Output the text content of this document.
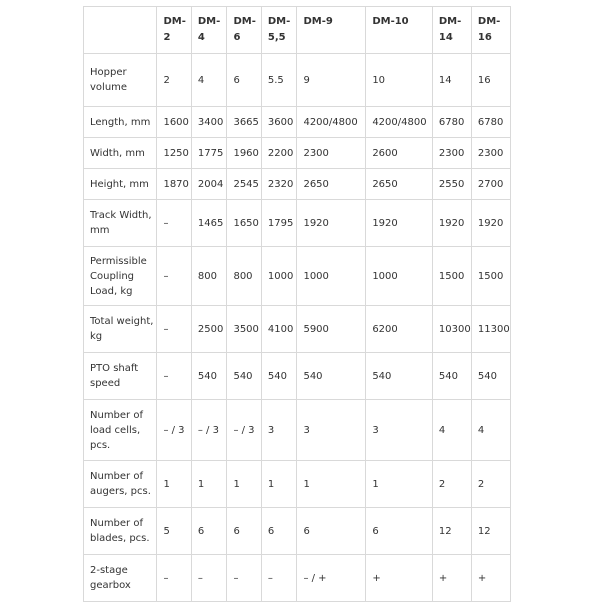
	DM-2	DM-4	DM-6	DM-5,5	DM-9	DM-10	DM-14	DM-16
Hopper volume	2	4	6	5.5	9	10	14	16
Length, mm	1600	3400	3665	3600	4200/4800	4200/4800	6780	6780
Width, mm	1250	1775	1960	2200	2300	2600	2300	2300
Height, mm	1870	2004	2545	2320	2650	2650	2550	2700
Track Width, mm	–	1465	1650	1795	1920	1920	1920	1920
Permissible Coupling Load, kg	–	800	800	1000	1000	1000	1500	1500
Total weight, kg	–	2500	3500	4100	5900	6200	10300	11300
PTO shaft speed	–	540	540	540	540	540	540	540
Number of load cells, pcs.	– / 3	– / 3	– / 3	3	3	3	4	4
Number of augers, pcs.	1	1	1	1	1	1	2	2
Number of blades, pcs.	5	6	6	6	6	6	12	12
2-stage gearbox	–	–	–	–	– / +	+	+	+
